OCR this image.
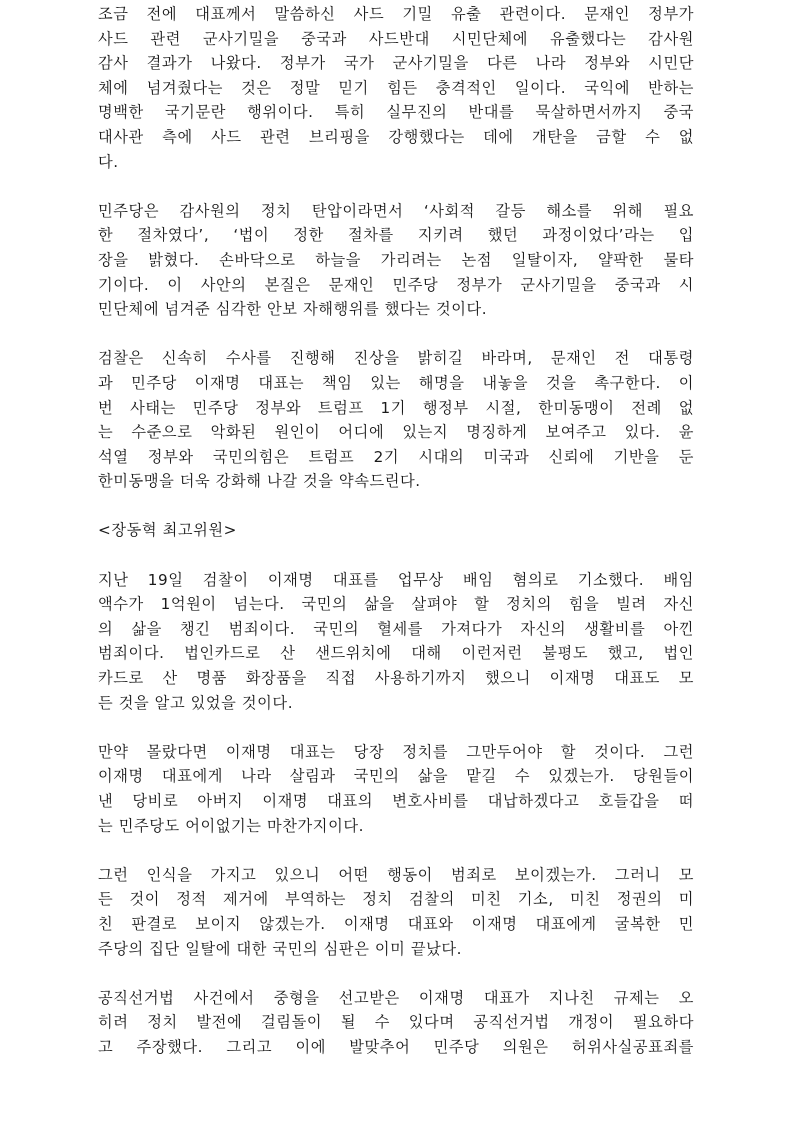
조금 전에 대표께서 말씀하신 사드 기밀 유출 관련이다. 문재인 정부가
사드 관련 군사기밀을 중국과 사드반대 시민단체에 유출했다는 감사원
감사 결과가 나왔다. 정부가 국가 군사기밀을 다른 나라 정부와 시민단
체에 넘겨줬다는 것은 정말 믿기 힘든 충격적인 일이다. 국익에 반하는
명백한 국기문란 행위이다. 특히 실무진의 반대를 묵살하면서까지 중국
대사관 측에 사드 관련 브리핑을 강행했다는 데에 개탄을 금할 수 없
다.

민주당은 감사원의 정치 탄압이라면서 ‘사회적 갈등 해소를 위해 필요
한 절차였다’, ‘법이 정한 절차를 지키려 했던 과정이었다’라는 입
장을 밝혔다. 손바닥으로 하늘을 가리려는 논점 일탈이자, 얄팍한 물타
기이다. 이 사안의 본질은 문재인 민주당 정부가 군사기밀을 중국과 시
민단체에 넘겨준 심각한 안보 자해행위를 했다는 것이다.

검찰은 신속히 수사를 진행해 진상을 밝히길 바라며, 문재인 전 대통령
과 민주당 이재명 대표는 책임 있는 해명을 내놓을 것을 촉구한다. 이
번 사태는 민주당 정부와 트럼프 1기 행정부 시절, 한미동맹이 전례 없
는 수준으로 악화된 원인이 어디에 있는지 명징하게 보여주고 있다. 윤
석열 정부와 국민의힘은 트럼프 2기 시대의 미국과 신뢰에 기반을 둔
한미동맹을 더욱 강화해 나갈 것을 약속드린다.

<장동혁 최고위원>

지난 19일 검찰이 이재명 대표를 업무상 배임 혐의로 기소했다. 배임
액수가 1억원이 넘는다. 국민의 삶을 살펴야 할 정치의 힘을 빌려 자신
의 삶을 챙긴 범죄이다. 국민의 혈세를 가져다가 자신의 생활비를 아낀
범죄이다. 법인카드로 산 샌드위치에 대해 이런저런 불평도 했고, 법인
카드로 산 명품 화장품을 직접 사용하기까지 했으니 이재명 대표도 모
든 것을 알고 있었을 것이다.

만약 몰랐다면 이재명 대표는 당장 정치를 그만두어야 할 것이다. 그런
이재명 대표에게 나라 살림과 국민의 삶을 맡길 수 있겠는가. 당원들이
낸 당비로 아버지 이재명 대표의 변호사비를 대납하겠다고 호들갑을 떠
는 민주당도 어이없기는 마찬가지이다.

그런 인식을 가지고 있으니 어떤 행동이 범죄로 보이겠는가. 그러니 모
든 것이 정적 제거에 부역하는 정치 검찰의 미친 기소, 미친 정권의 미
친 판결로 보이지 않겠는가. 이재명 대표와 이재명 대표에게 굴복한 민
주당의 집단 일탈에 대한 국민의 심판은 이미 끝났다.

공직선거법 사건에서 중형을 선고받은 이재명 대표가 지나친 규제는 오
히려 정치 발전에 걸림돌이 될 수 있다며 공직선거법 개정이 필요하다
고 주장했다. 그리고 이에 발맞추어 민주당 의원은 허위사실공표죄를
